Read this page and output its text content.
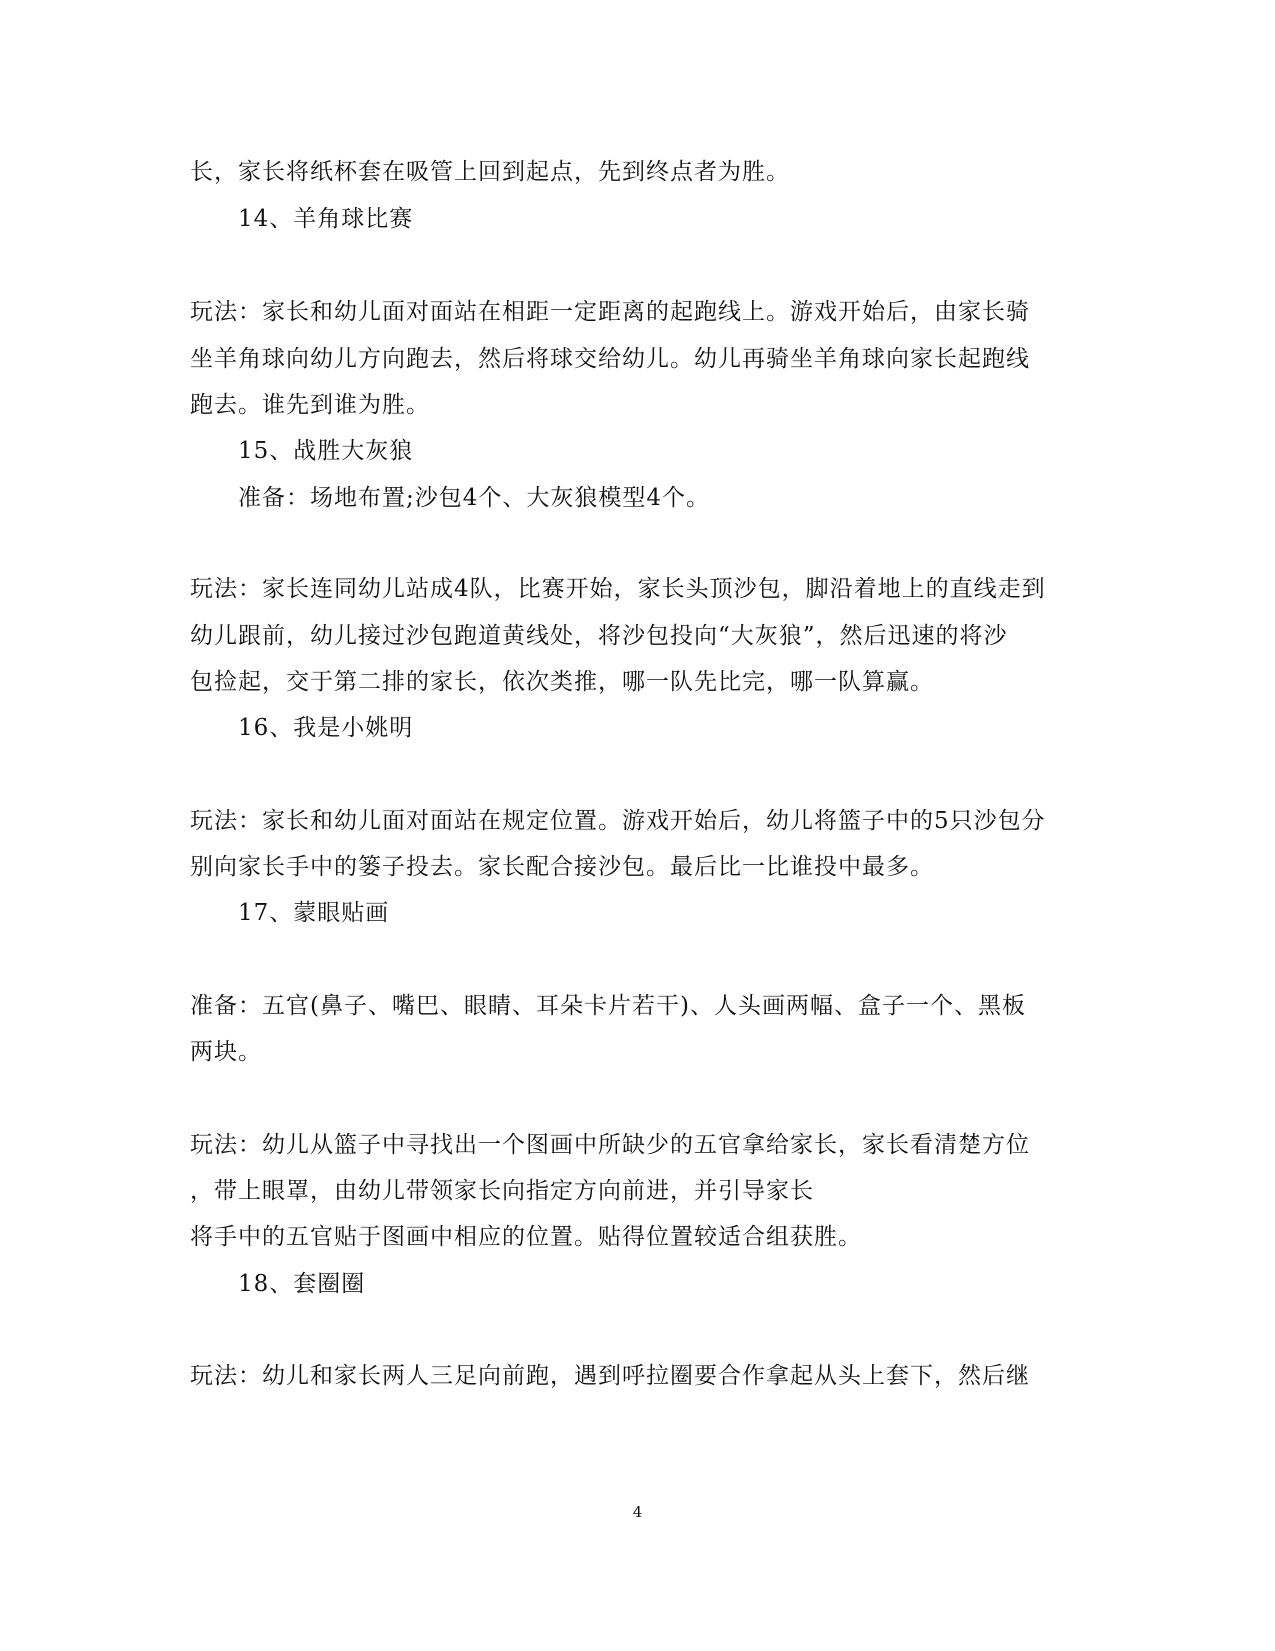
长，家长将纸杯套在吸管上回到起点，先到终点者为胜。
14、羊角球比赛
玩法：家长和幼儿面对面站在相距一定距离的起跑线上。游戏开始后，由家长骑
坐羊角球向幼儿方向跑去，然后将球交给幼儿。幼儿再骑坐羊角球向家长起跑线
跑去。谁先到谁为胜。
15、战胜大灰狼
准备：场地布置;沙包4个、大灰狼模型4个。
玩法：家长连同幼儿站成4队，比赛开始，家长头顶沙包，脚沿着地上的直线走到
幼儿跟前，幼儿接过沙包跑道黄线处，将沙包投向“大灰狼”，然后迅速的将沙
包捡起，交于第二排的家长，依次类推，哪一队先比完，哪一队算赢。
16、我是小姚明
玩法：家长和幼儿面对面站在规定位置。游戏开始后，幼儿将篮子中的5只沙包分
别向家长手中的篓子投去。家长配合接沙包。最后比一比谁投中最多。
17、蒙眼贴画
准备：五官(鼻子、嘴巴、眼睛、耳朵卡片若干)、人头画两幅、盒子一个、黑板
两块。
玩法：幼儿从篮子中寻找出一个图画中所缺少的五官拿给家长，家长看清楚方位
，带上眼罩，由幼儿带领家长向指定方向前进，并引导家长
将手中的五官贴于图画中相应的位置。贴得位置较适合组获胜。
18、套圈圈
玩法：幼儿和家长两人三足向前跑，遇到呼拉圈要合作拿起从头上套下，然后继
4
